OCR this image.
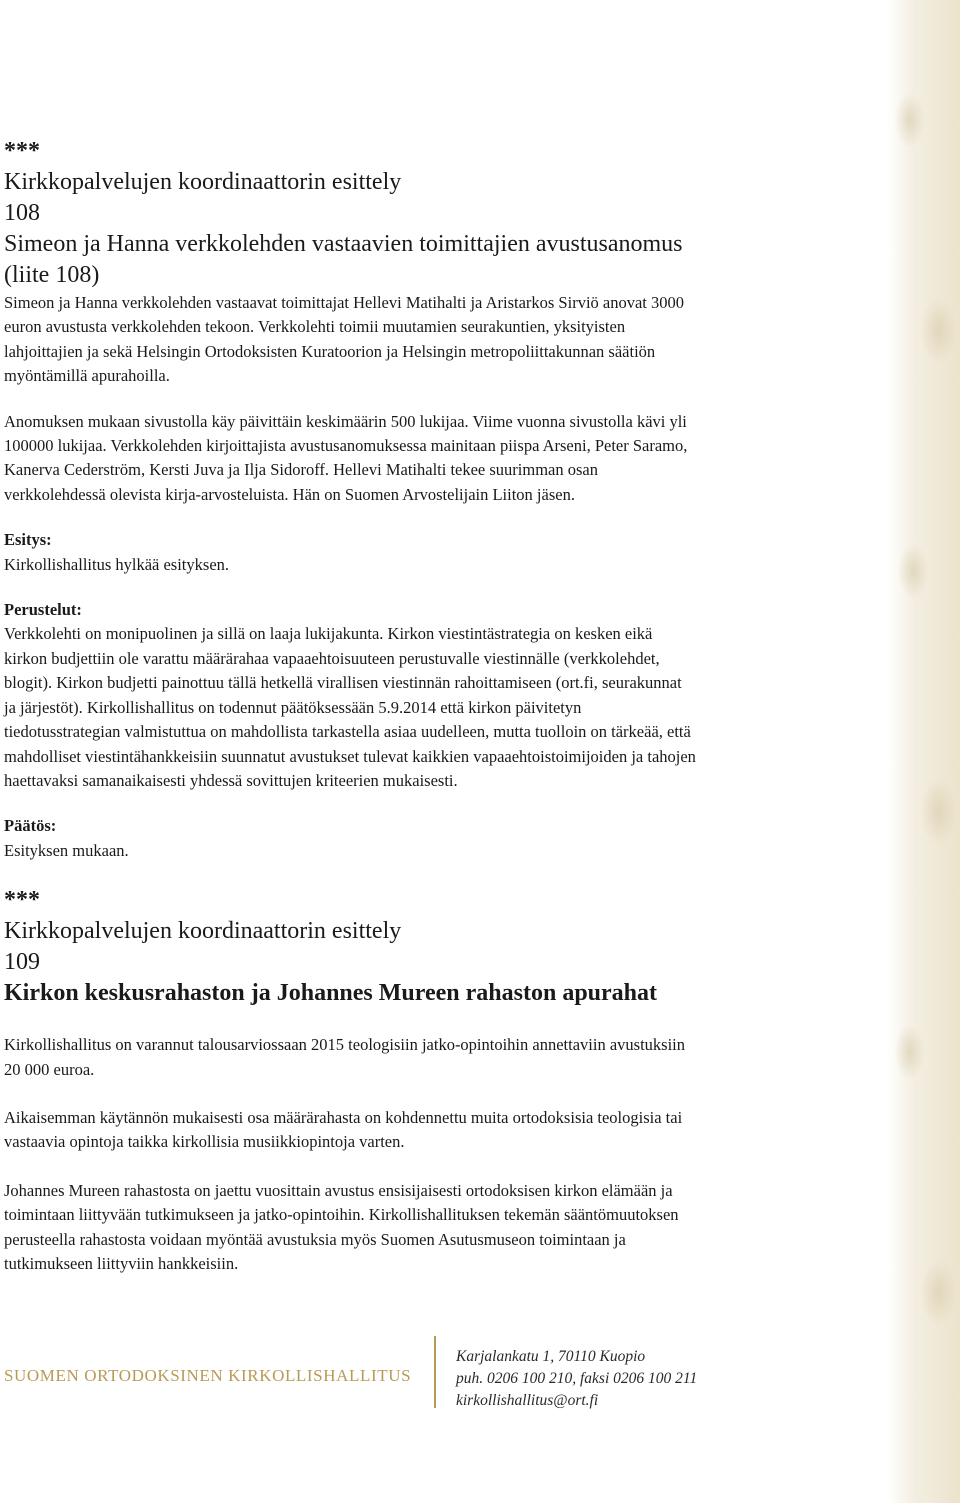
***

Kirkkopalvelujen koordinaattorin esittely

108

Simeon ja Hanna verkkolehden vastaavien toimittajien avustusanomus

(liite 108)

Simeon ja Hanna verkkolehden vastaavat toimittajat Hellevi Matihalti ja Aristarkos Sirviö anovat 3000

euron avustusta verkkolehden tekoon. Verkkolehti toimii muutamien seurakuntien, yksityisten

lahjoittajien ja sekä Helsingin Ortodoksisten Kuratoorion ja Helsingin metropoliittakunnan säätiön

myöntämillä apurahoilla.

Anomuksen mukaan sivustolla käy päivittäin keskimäärin 500 lukijaa. Viime vuonna sivustolla kävi yli

100000 lukijaa. Verkkolehden kirjoittajista avustusanomuksessa mainitaan piispa Arseni, Peter Saramo,

Kanerva Cederström, Kersti Juva ja Ilja Sidoroff. Hellevi Matihalti tekee suurimman osan

verkkolehdessä olevista kirja-arvosteluista. Hän on Suomen Arvostelijain Liiton jäsen.

Esitys:

Kirkollishallitus hylkää esityksen.

Perustelut:

Verkkolehti on monipuolinen ja sillä on laaja lukijakunta. Kirkon viestintästrategia on kesken eikä

kirkon budjettiin ole varattu määrärahaa vapaaehtoisuuteen perustuvalle viestinnälle (verkkolehdet,

blogit). Kirkon budjetti painottuu tällä hetkellä virallisen viestinnän rahoittamiseen (ort.fi, seurakunnat

ja järjestöt). Kirkollishallitus on todennut päätöksessään 5.9.2014 että kirkon päivitetyn

tiedotusstrategian valmistuttua on mahdollista tarkastella asiaa uudelleen, mutta tuolloin on tärkeää, että

mahdolliset viestintähankkeisiin suunnatut avustukset tulevat kaikkien vapaaehtoistoimijoiden ja tahojen

haettavaksi samanaikaisesti yhdessä sovittujen kriteerien mukaisesti.

Päätös:

Esityksen mukaan.

***

Kirkkopalvelujen koordinaattorin esittely

109

Kirkon keskusrahaston ja Johannes Mureen rahaston apurahat

Kirkollishallitus on varannut talousarviossaan 2015 teologisiin jatko-opintoihin annettaviin avustuksiin

20 000 euroa.

Aikaisemman käytännön mukaisesti osa määrärahasta on kohdennettu muita ortodoksisia teologisia tai

vastaavia opintoja taikka kirkollisia musiikkiopintoja varten.

Johannes Mureen rahastosta on jaettu vuosittain avustus ensisijaisesti ortodoksisen kirkon elämään ja

toimintaan liittyvään tutkimukseen ja jatko-opintoihin. Kirkollishallituksen tekemän sääntömuutoksen

perusteella rahastosta voidaan myöntää avustuksia myös Suomen Asutusmuseon toimintaan ja

tutkimukseen liittyviin hankkeisiin.

SUOMEN ORTODOKSINEN KIRKOLLISHALLITUS
Karjalankatu 1, 70110 Kuopio
puh. 0206 100 210, faksi 0206 100 211
kirkollishallitus@ort.fi
